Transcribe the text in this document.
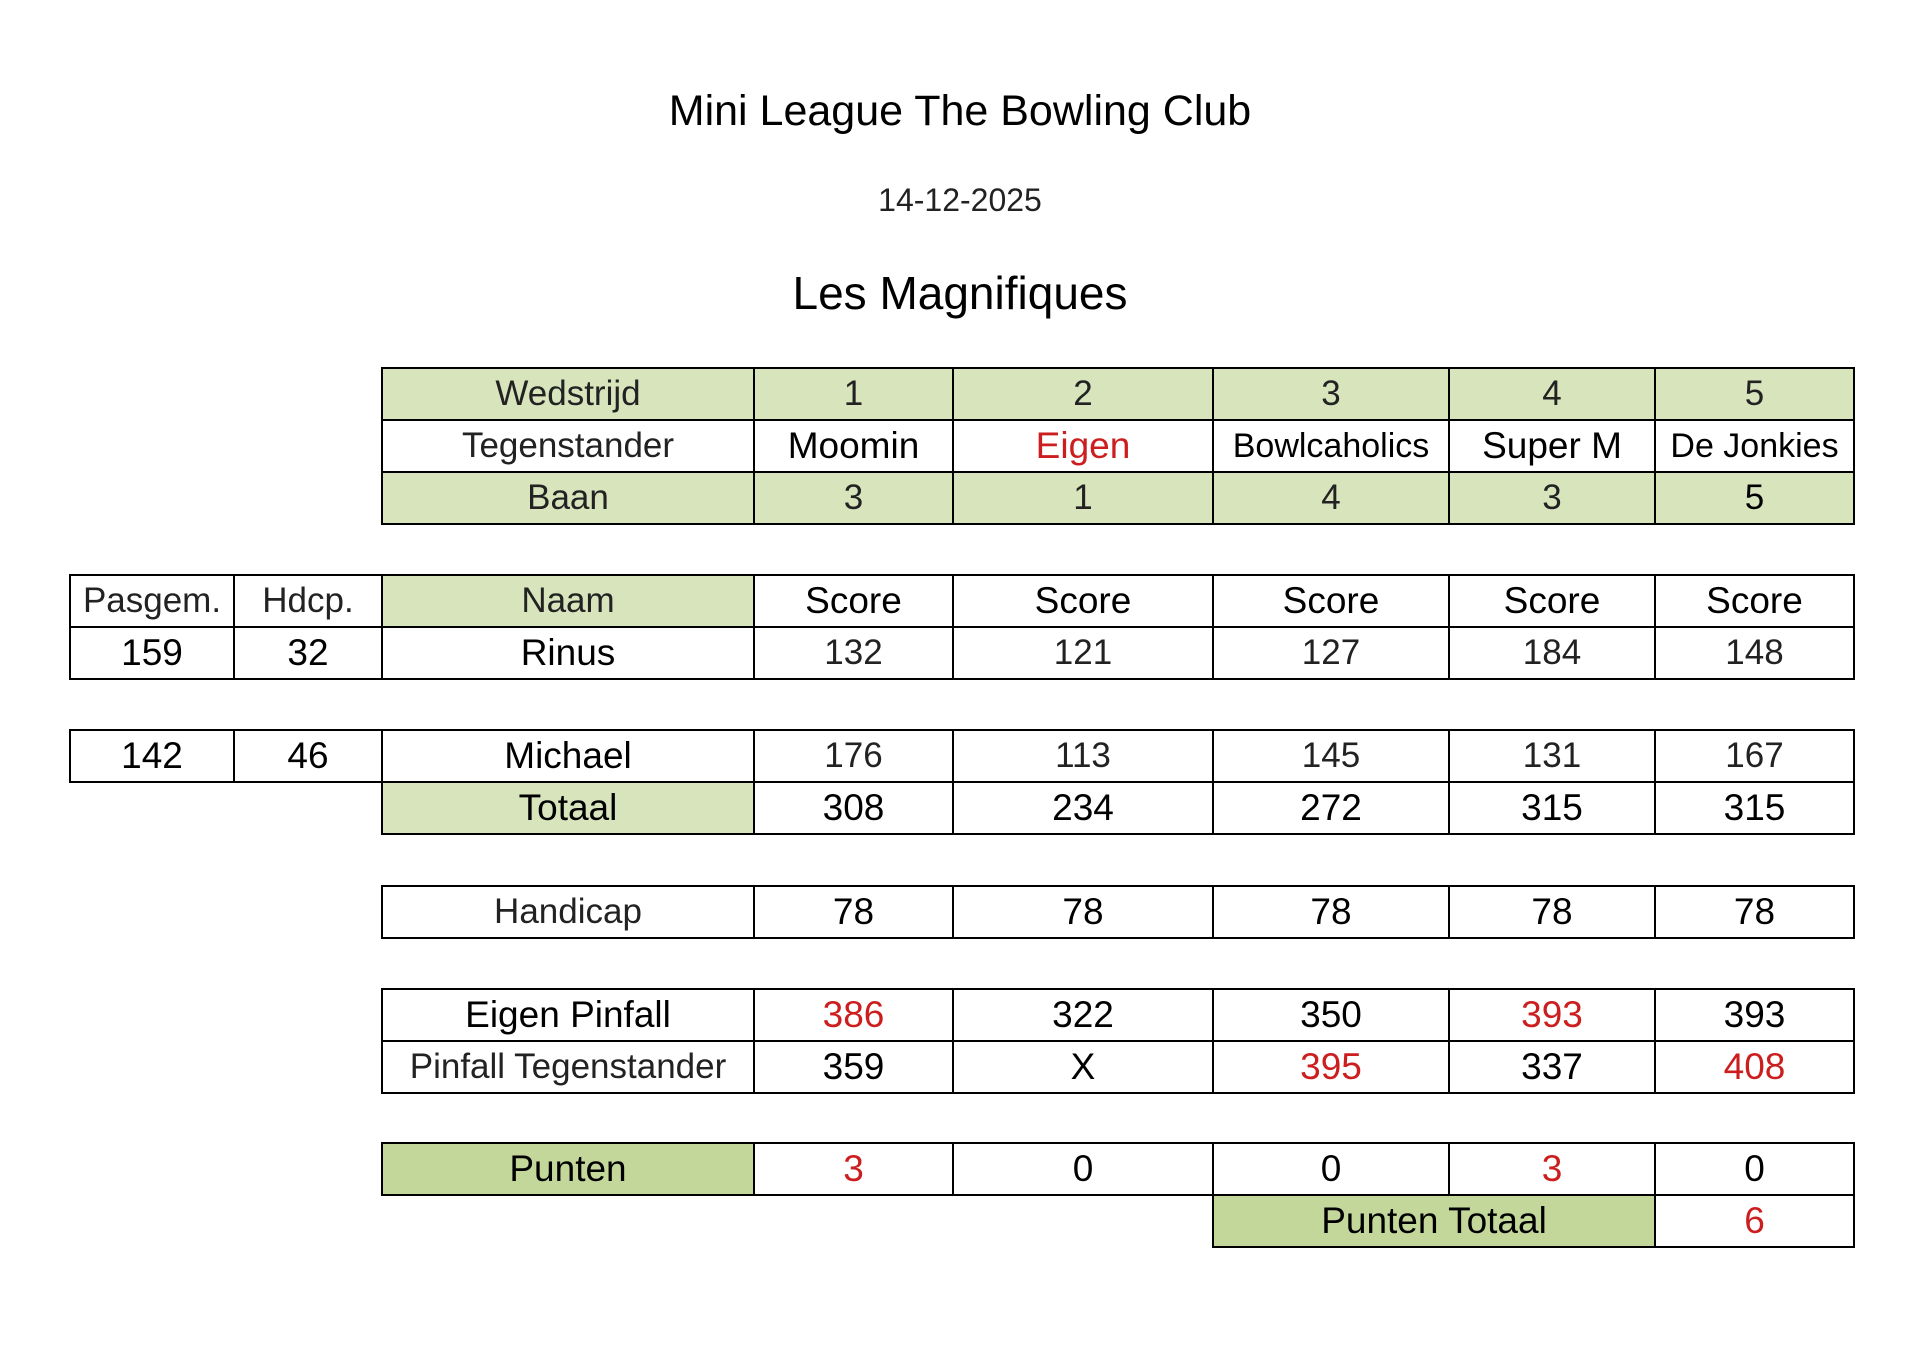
Mini League The Bowling Club
14-12-2025
Les Magnifiques
Wedstrijd	1	2	3	4	5
Tegenstander	Moomin	Eigen	Bowlcaholics	Super M	De Jonkies
Baan	3	1	4	3	5
Pasgem.	Hdcp.	Naam	Score	Score	Score	Score	Score
159	32	Rinus	132	121	127	184	148
142	46	Michael	176	113	145	131	167
Totaal	308	234	272	315	315
Handicap	78	78	78	78	78
Eigen Pinfall	386	322	350	393	393
Pinfall Tegenstander	359	X	395	337	408
Punten	3	0	0	3	0
Punten Totaal	6
